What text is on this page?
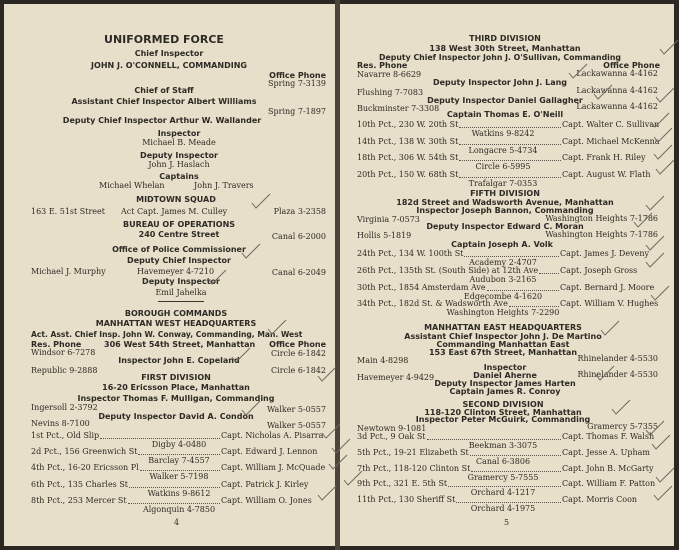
UNIFORMED FORCE
Chief Inspector
JOHN J. O'CONNELL, COMMANDING
Office Phone
Spring 7-3139
Chief of Staff
Assistant Chief Inspector Albert Williams
Spring 7-1897
Deputy Chief Inspector Arthur W. Wallander
Inspector
Michael B. Meade
Deputy Inspector
John J. Haslach
Captains
Michael Whelan	John J. Travers
MIDTOWN SQUAD
163 E. 51st Street Act Capt. James M. Culley	Plaza 3-2358
BUREAU OF OPERATIONS
240 Centre Street	Canal 6-2000
Office of Police Commissioner
Deputy Chief Inspector
Michael J. Murphy	Havemeyer 4-7210	Canal 6-2049
Deputy Inspector
Emil Jahelka
BOROUGH COMMANDS
MANHATTAN WEST HEADQUARTERS
Act. Asst. Chief Insp. John W. Conway, Commanding, Man. West
Res. Phone	306 West 54th Street, Manhattan Office Phone
Windsor 6-7278	Circle 6-1842
Inspector John E. Copeland
Republic 9-2888	Circle 6-1842
FIRST DIVISION
16-20 Ericsson Place, Manhattan
Inspector Thomas F. Mulligan, Commanding
Ingersoll 2-3792	Walker 5-0557
Deputy Inspector David A. Condon
Nevins 8-7100	Walker 5-0557
1st Pct., Old Slip	Capt. Nicholas A. Pisarra
Digby 4-0480
2d Pct., 156 Greenwich St	Capt. Edward J. Lennon
Barclay 7-4557
4th Pct., 16-20 Ericsson Pl	Capt. William J. McQuade
Walker 5-7198
6th Pct., 135 Charles St	Capt. Patrick J. Kirley
Watkins 9-8612
8th Pct., 253 Mercer St	Capt. William O. Jones
Algonquin 4-7850
4
THIRD DIVISION
138 West 30th Street, Manhattan
Deputy Chief Inspector John J. O'Sullivan, Commanding
Res. Phone	Office Phone
Navarre 8-6629	Lackawanna 4-4162
Deputy Inspector John J. Lang
Flushing 7-7083	Lackawanna 4-4162
Deputy Inspector Daniel Gallagher
Buckminster 7-3308	Lackawanna 4-4162
Captain Thomas E. O'Neill
10th Pct., 230 W. 20th St	Capt. Walter C. Sullivan
Watkins 9-8242
14th Pct., 138 W. 30th St	Capt. Michael McKenna
Longacre 5-4734
18th Pct., 306 W. 54th St	Capt. Frank H. Riley
Circle 6-5995
20th Pct., 150 W. 68th St	Capt. August W. Flath
Trafalgar 7-0353
FIFTH DIVISION
182d Street and Wadsworth Avenue, Manhattan
Inspector Joseph Bannon, Commanding
Virginia 7-0573	Washington Heights 7-1786
Deputy Inspector Edward C. Moran
Hollis 5-1819	Washington Heights 7-1786
Captain Joseph A. Volk
24th Pct., 134 W. 100th St	Capt. James J. Deveny
Academy 2-4707
26th Pct., 135th St. (South Side) at 12th Ave	Capt. Joseph Gross
Audubon 3-2165
30th Pct., 1854 Amsterdam Ave	Capt. Bernard J. Moore
Edgecombe 4-1620
34th Pct., 182d St. & Wadsworth Ave	Capt. William V. Hughes
Washington Heights 7-2290
MANHATTAN EAST HEADQUARTERS
Assistant Chief Inspector John J. De Martino
Commanding Manhattan East
153 East 67th Street, Manhattan
Main 4-8298	Rhinelander 4-5530
Inspector
Daniel Aherne
Havemeyer 4-9429	Rhinelander 4-5530
Deputy Inspector James Harten
Captain James R. Conroy
SECOND DIVISION
118-120 Clinton Street, Manhattan
Inspector Peter McGuirk, Commanding
Newtown 9-1081	Gramercy 5-7355
3d Pct., 9 Oak St	Capt. Thomas F. Walsh
Beekman 3-3075
5th Pct., 19-21 Elizabeth St	Capt. Jesse A. Upham
Canal 6-3806
7th Pct., 118-120 Clinton St	Capt. John B. McGarty
Gramercy 5-7555
9th Pct., 321 E. 5th St	Capt. William F. Patton
Orchard 4-1217
11th Pct., 130 Sheriff St	Capt. Morris Coon
Orchard 4-1975
5
